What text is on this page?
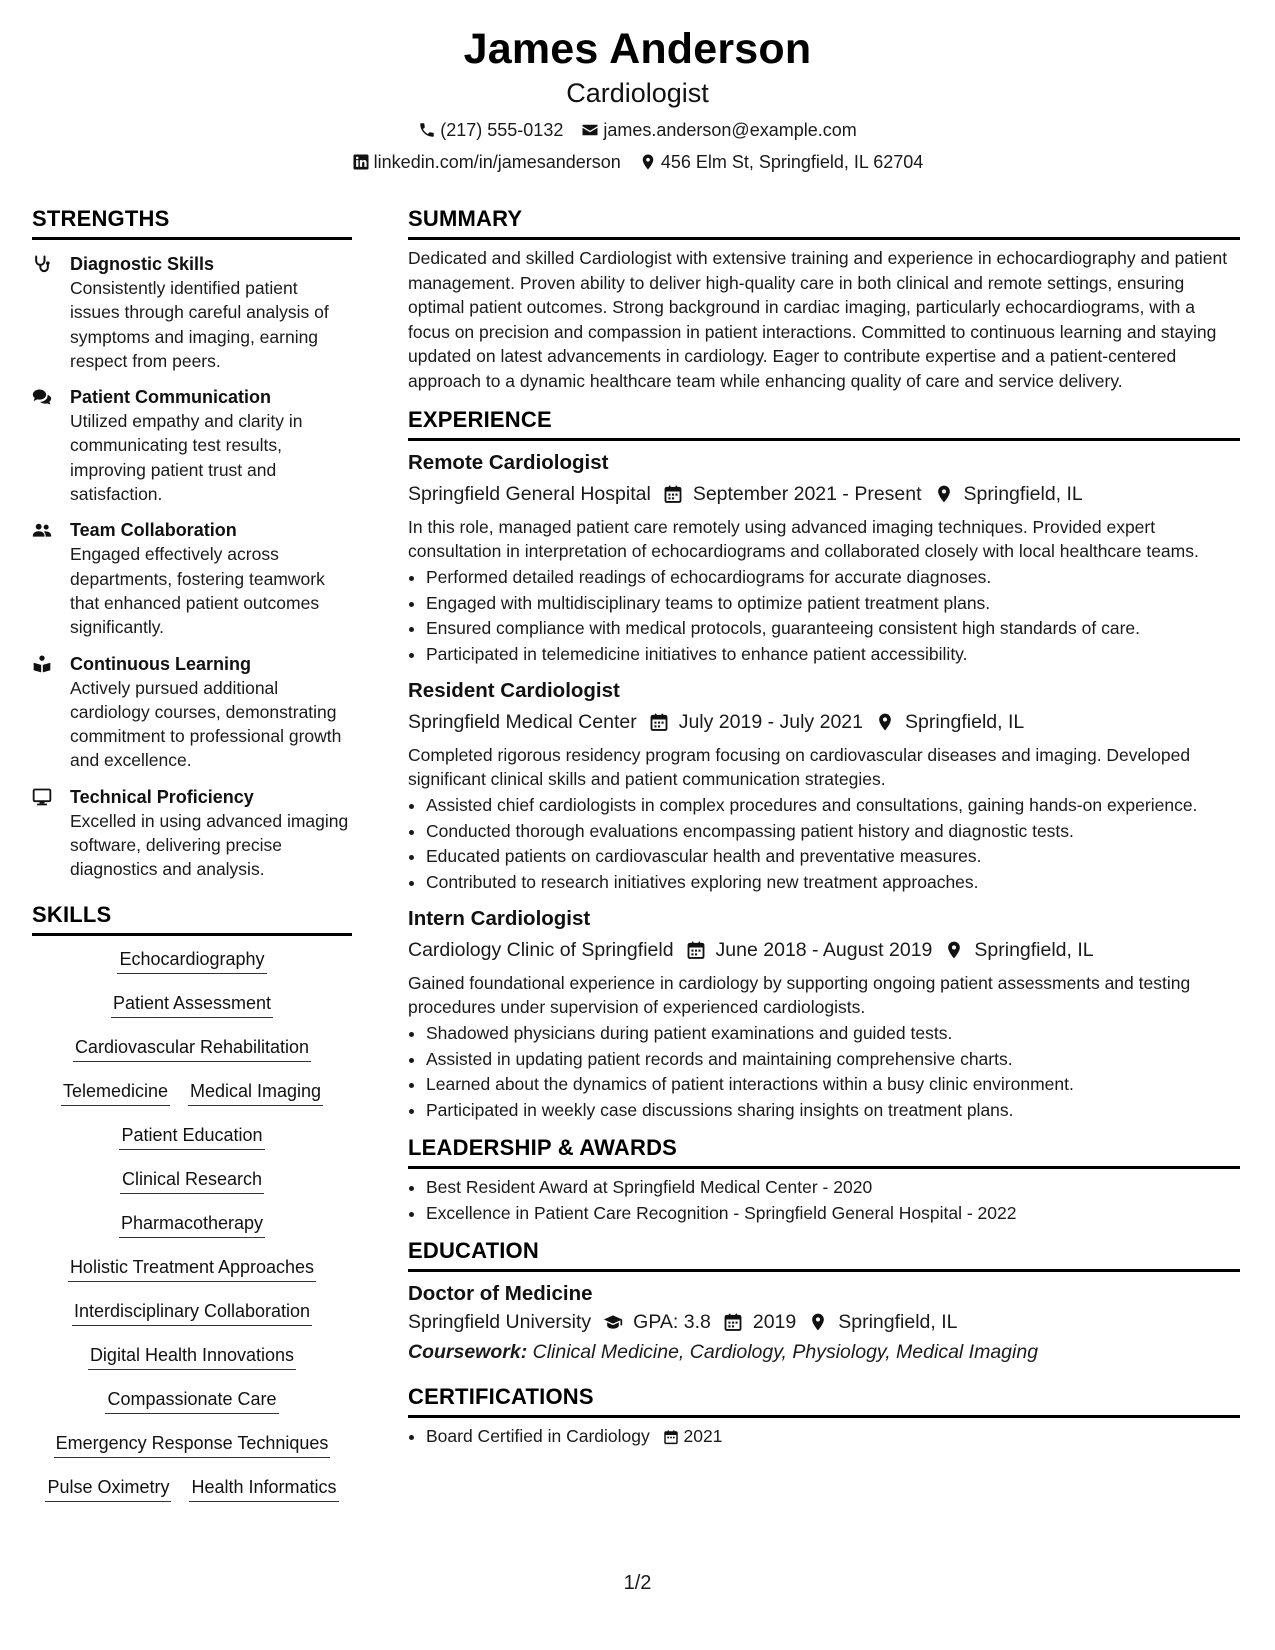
James Anderson
Cardiologist
(217) 555-0132 james.anderson@example.com
linkedin.com/in/jamesanderson 456 Elm St, Springfield, IL 62704
STRENGTHS
Diagnostic Skills
Consistently identified patient issues through careful analysis of symptoms and imaging, earning respect from peers.
Patient Communication
Utilized empathy and clarity in communicating test results, improving patient trust and satisfaction.
Team Collaboration
Engaged effectively across departments, fostering teamwork that enhanced patient outcomes significantly.
Continuous Learning
Actively pursued additional cardiology courses, demonstrating commitment to professional growth and excellence.
Technical Proficiency
Excelled in using advanced imaging software, delivering precise diagnostics and analysis.
SKILLS
Echocardiography
Patient Assessment
Cardiovascular Rehabilitation
Telemedicine Medical Imaging
Patient Education
Clinical Research
Pharmacotherapy
Holistic Treatment Approaches
Interdisciplinary Collaboration
Digital Health Innovations
Compassionate Care
Emergency Response Techniques
Pulse Oximetry Health Informatics
SUMMARY
Dedicated and skilled Cardiologist with extensive training and experience in echocardiography and patient management. Proven ability to deliver high-quality care in both clinical and remote settings, ensuring optimal patient outcomes. Strong background in cardiac imaging, particularly echocardiograms, with a focus on precision and compassion in patient interactions. Committed to continuous learning and staying updated on latest advancements in cardiology. Eager to contribute expertise and a patient-centered approach to a dynamic healthcare team while enhancing quality of care and service delivery.
EXPERIENCE
Remote Cardiologist
Springfield General Hospital September 2021 - Present Springfield, IL
In this role, managed patient care remotely using advanced imaging techniques. Provided expert consultation in interpretation of echocardiograms and collaborated closely with local healthcare teams.
• Performed detailed readings of echocardiograms for accurate diagnoses.
• Engaged with multidisciplinary teams to optimize patient treatment plans.
• Ensured compliance with medical protocols, guaranteeing consistent high standards of care.
• Participated in telemedicine initiatives to enhance patient accessibility.
Resident Cardiologist
Springfield Medical Center July 2019 - July 2021 Springfield, IL
Completed rigorous residency program focusing on cardiovascular diseases and imaging. Developed significant clinical skills and patient communication strategies.
• Assisted chief cardiologists in complex procedures and consultations, gaining hands-on experience.
• Conducted thorough evaluations encompassing patient history and diagnostic tests.
• Educated patients on cardiovascular health and preventative measures.
• Contributed to research initiatives exploring new treatment approaches.
Intern Cardiologist
Cardiology Clinic of Springfield June 2018 - August 2019 Springfield, IL
Gained foundational experience in cardiology by supporting ongoing patient assessments and testing procedures under supervision of experienced cardiologists.
• Shadowed physicians during patient examinations and guided tests.
• Assisted in updating patient records and maintaining comprehensive charts.
• Learned about the dynamics of patient interactions within a busy clinic environment.
• Participated in weekly case discussions sharing insights on treatment plans.
LEADERSHIP & AWARDS
• Best Resident Award at Springfield Medical Center - 2020
• Excellence in Patient Care Recognition - Springfield General Hospital - 2022
EDUCATION
Doctor of Medicine
Springfield University GPA: 3.8 2019 Springfield, IL
Coursework: Clinical Medicine, Cardiology, Physiology, Medical Imaging
CERTIFICATIONS
• Board Certified in Cardiology 2021
1/2
